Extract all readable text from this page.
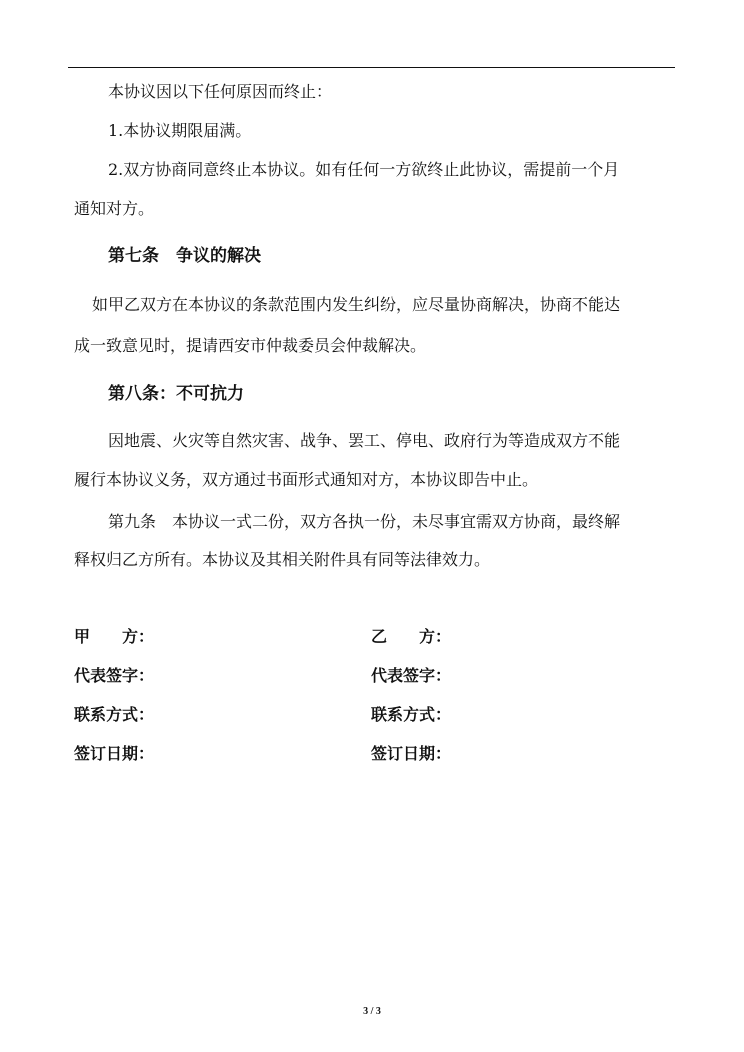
本协议因以下任何原因而终止：
1.本协议期限届满。
2.双方协商同意终止本协议。如有任何一方欲终止此协议，需提前一个月
通知对方。
第七条　争议的解决
如甲乙双方在本协议的条款范围内发生纠纷，应尽量协商解决，协商不能达
成一致意见时，提请西安市仲裁委员会仲裁解决。
第八条：不可抗力
因地震、火灾等自然灾害、战争、罢工、停电、政府行为等造成双方不能
履行本协议义务，双方通过书面形式通知对方，本协议即告中止。
第九条　本协议一式二份，双方各执一份，未尽事宜需双方协商，最终解
释权归乙方所有。本协议及其相关附件具有同等法律效力。
甲　　方：
代表签字：
联系方式：
签订日期：
乙　　方：
代表签字：
联系方式：
签订日期：
3 / 3
